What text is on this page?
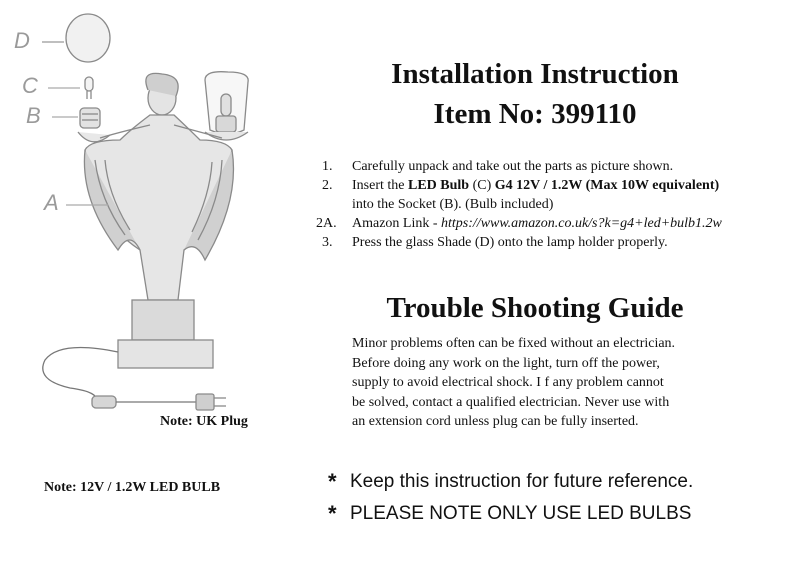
D
C
B
A
Note: UK Plug
Note: 12V / 1.2W LED BULB
Installation Instruction
Item No: 399110
1.	Carefully unpack and take out the parts as picture shown.
2.	Insert the LED Bulb (C) G4 12V / 1.2W (Max 10W equivalent)
into the Socket (B). (Bulb included)
2A.	Amazon Link - https://www.amazon.co.uk/s?k=g4+led+bulb1.2w
3.	Press the glass Shade (D) onto the lamp holder properly.
Trouble Shooting Guide
Minor problems often can be fixed without an electrician.
Before doing any work on the light, turn off the power,
supply to avoid electrical shock. I f any problem cannot
be solved, contact a qualified electrician. Never use with
an extension cord unless plug can be fully inserted.
* Keep this instruction for future reference.
* PLEASE NOTE ONLY USE LED BULBS
